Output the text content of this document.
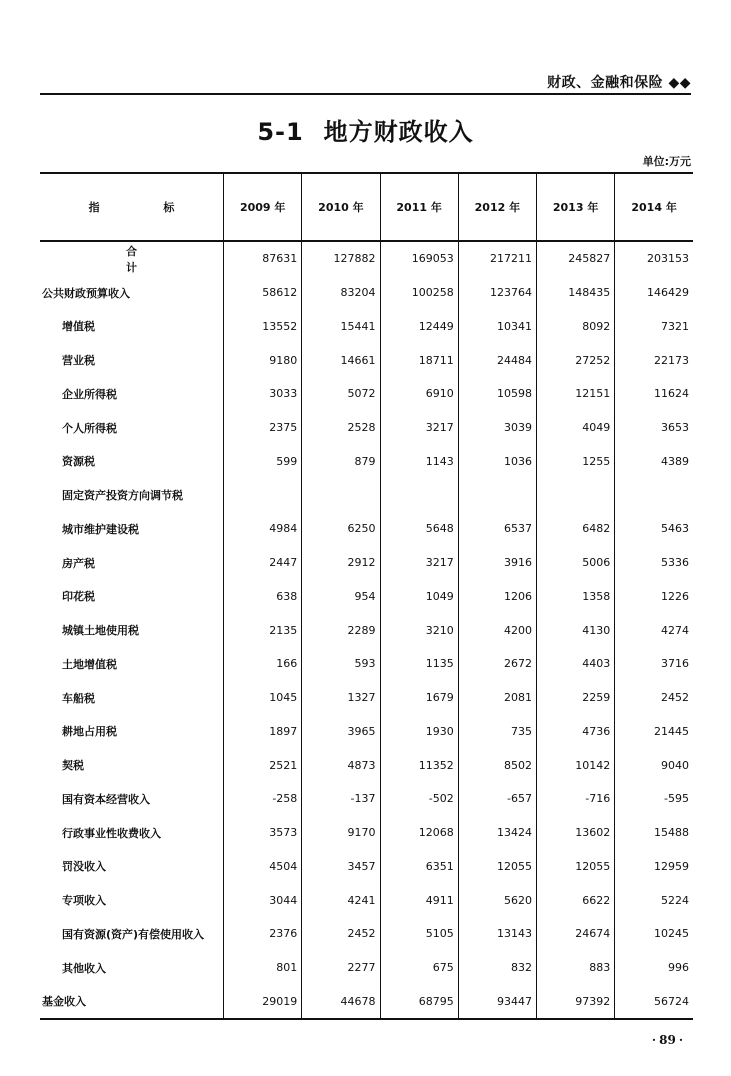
财政、金融和保险 ◆◆
5-1 地方财政收入
单位:万元
指 标	2009 年	2010 年	2011 年	2012 年	2013 年	2014 年
合 计	87631	127882	169053	217211	245827	203153
公共财政预算收入	58612	83204	100258	123764	148435	146429
增值税	13552	15441	12449	10341	8092	7321
营业税	9180	14661	18711	24484	27252	22173
企业所得税	3033	5072	6910	10598	12151	11624
个人所得税	2375	2528	3217	3039	4049	3653
资源税	599	879	1143	1036	1255	4389
固定资产投资方向调节税						
城市维护建设税	4984	6250	5648	6537	6482	5463
房产税	2447	2912	3217	3916	5006	5336
印花税	638	954	1049	1206	1358	1226
城镇土地使用税	2135	2289	3210	4200	4130	4274
土地增值税	166	593	1135	2672	4403	3716
车船税	1045	1327	1679	2081	2259	2452
耕地占用税	1897	3965	1930	735	4736	21445
契税	2521	4873	11352	8502	10142	9040
国有资本经营收入	-258	-137	-502	-657	-716	-595
行政事业性收费收入	3573	9170	12068	13424	13602	15488
罚没收入	4504	3457	6351	12055	12055	12959
专项收入	3044	4241	4911	5620	6622	5224
国有资源(资产)有偿使用收入	2376	2452	5105	13143	24674	10245
其他收入	801	2277	675	832	883	996
基金收入	29019	44678	68795	93447	97392	56724
· 89 ·
